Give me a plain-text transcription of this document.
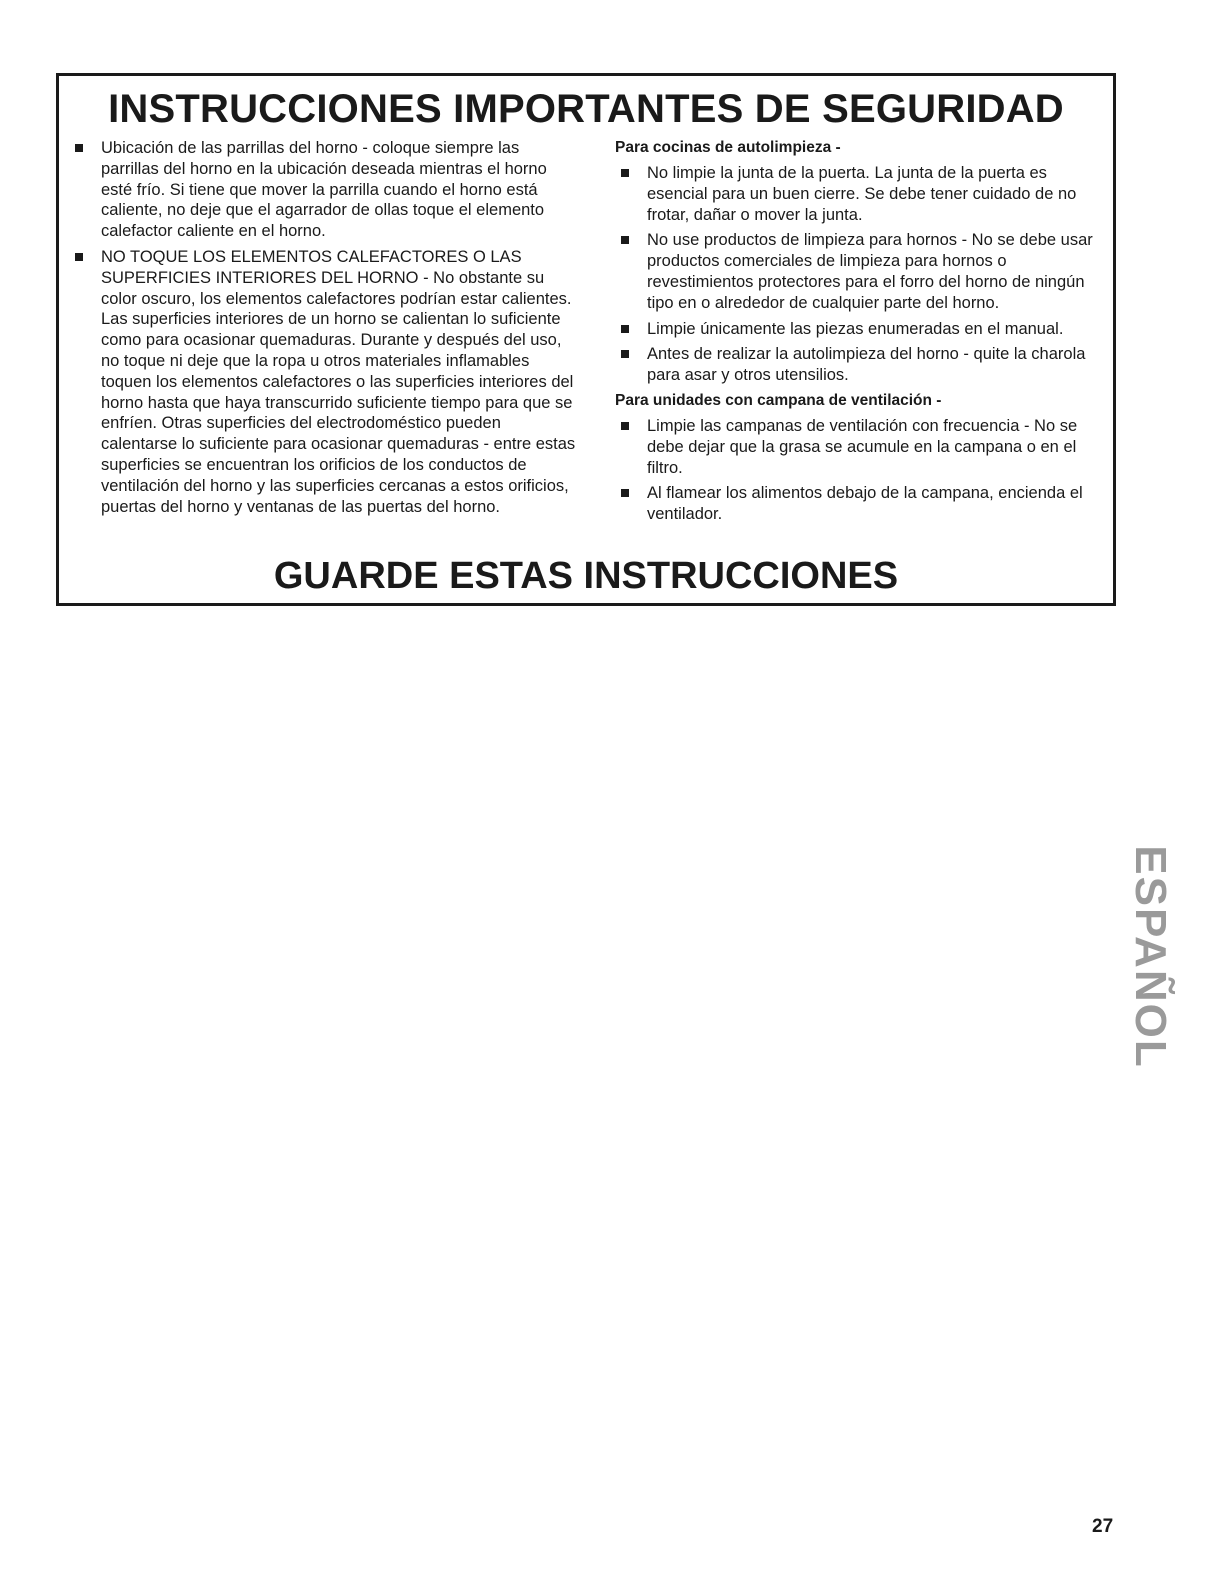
INSTRUCCIONES IMPORTANTES DE SEGURIDAD

Ubicación de las parrillas del horno - coloque siempre las parrillas del horno en la ubicación deseada mientras el horno esté frío. Si tiene que mover la parrilla cuando el horno está caliente, no deje que el agarrador de ollas toque el elemento calefactor caliente en el horno.

NO TOQUE LOS ELEMENTOS CALEFACTORES O LAS SUPERFICIES INTERIORES DEL HORNO - No obstante su color oscuro, los elementos calefactores podrían estar calientes. Las superficies interiores de un horno se calientan lo suficiente como para ocasionar quemaduras. Durante y después del uso, no toque ni deje que la ropa u otros materiales inflamables toquen los elementos calefactores o las superficies interiores del horno hasta que haya transcurrido suficiente tiempo para que se enfríen. Otras superficies del electrodoméstico pueden calentarse lo suficiente para ocasionar quemaduras - entre estas superficies se encuentran los orificios de los conductos de ventilación del horno y las superficies cercanas a estos orificios, puertas del horno y ventanas de las puertas del horno.

Para cocinas de autolimpieza -

No limpie la junta de la puerta. La junta de la puerta es esencial para un buen cierre. Se debe tener cuidado de no frotar, dañar o mover la junta.

No use productos de limpieza para hornos - No se debe usar productos comerciales de limpieza para hornos o revestimientos protectores para el forro del horno de ningún tipo en o alrededor de cualquier parte del horno.

Limpie únicamente las piezas enumeradas en el manual.

Antes de realizar la autolimpieza del horno - quite la charola para asar y otros utensilios.

Para unidades con campana de ventilación -

Limpie las campanas de ventilación con frecuencia - No se debe dejar que la grasa se acumule en la campana o en el filtro.

Al flamear los alimentos debajo de la campana, encienda el ventilador.

GUARDE ESTAS INSTRUCCIONES
ESPAÑOL
27
